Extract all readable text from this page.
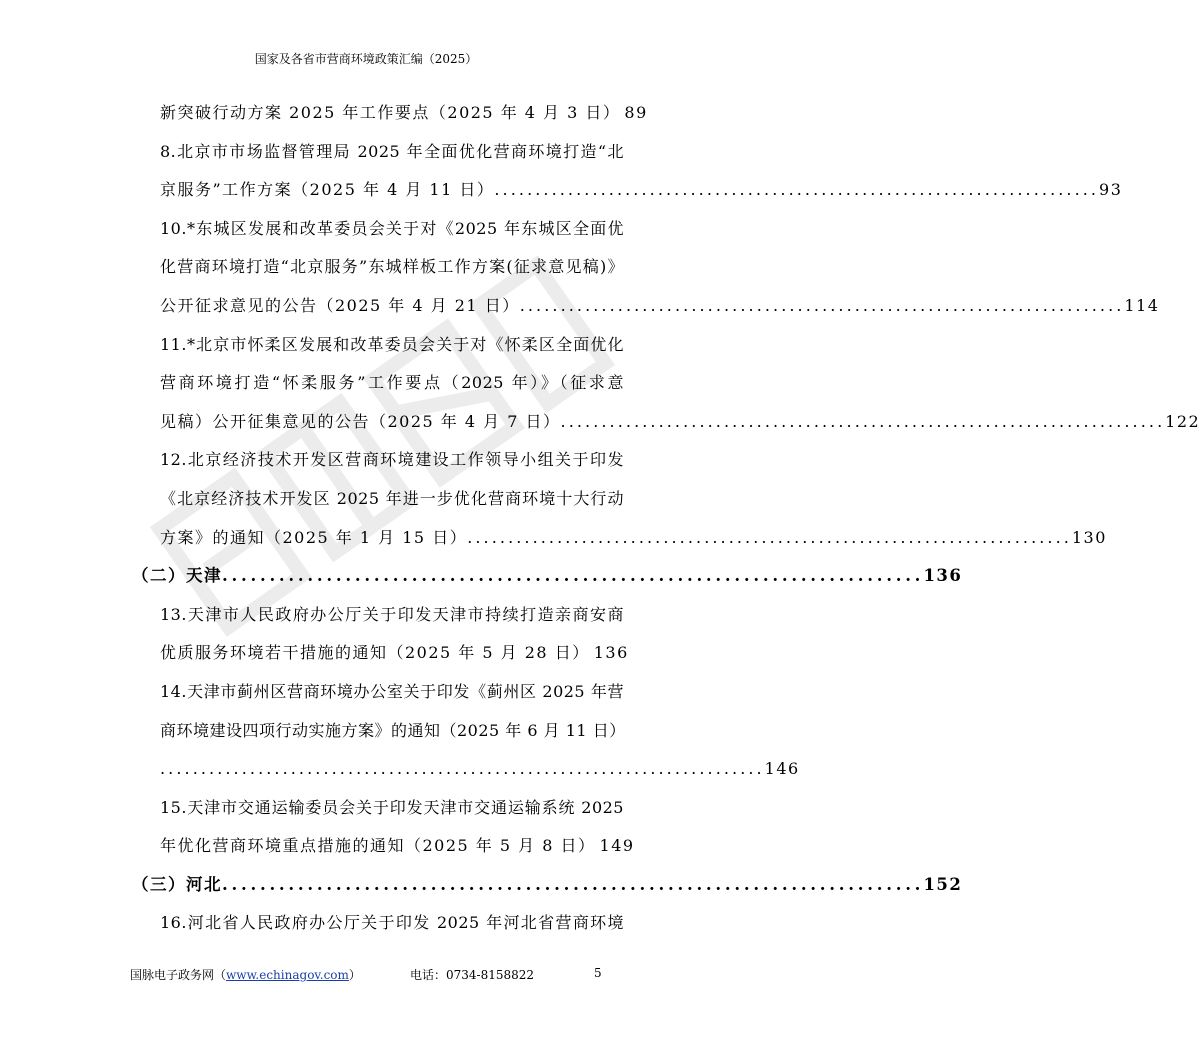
国家及各省市营商环境政策汇编（2025）
新突破行动方案 2025 年工作要点（2025 年 4 月 3 日） 89
8.北京市市场监督管理局 2025 年全面优化营商环境打造“北
京服务”工作方案（2025 年 4 月 11 日） . . .	93
10.*东城区发展和改革委员会关于对《2025 年东城区全面优
化营商环境打造“北京服务”东城样板工作方案(征求意见稿)》
公开征求意见的公告（2025 年 4 月 21 日） . . .	114
11.*北京市怀柔区发展和改革委员会关于对《怀柔区全面优化
营商环境打造“怀柔服务”工作要点（2025 年）》（征求意
见稿）公开征集意见的公告（2025 年 4 月 7 日） . . .	122
12.北京经济技术开发区营商环境建设工作领导小组关于印发
《北京经济技术开发区 2025 年进一步优化营商环境十大行动
方案》的通知（2025 年 1 月 15 日） . . .	130
（二）天津 . . .	136
13.天津市人民政府办公厅关于印发天津市持续打造亲商安商
优质服务环境若干措施的通知（2025 年 5 月 28 日） 136
14.天津市蓟州区营商环境办公室关于印发《蓟州区 2025 年营
商环境建设四项行动实施方案》的通知（2025 年 6 月 11 日）
. . .
146
15.天津市交通运输委员会关于印发天津市交通运输系统 2025
年优化营商环境重点措施的通知（2025 年 5 月 8 日） 149
（三）河北 . . .	152
16.河北省人民政府办公厅关于印发 2025 年河北省营商环境
国脉电子政务网（www.echinagov.com）	电话：0734-8158822	5
